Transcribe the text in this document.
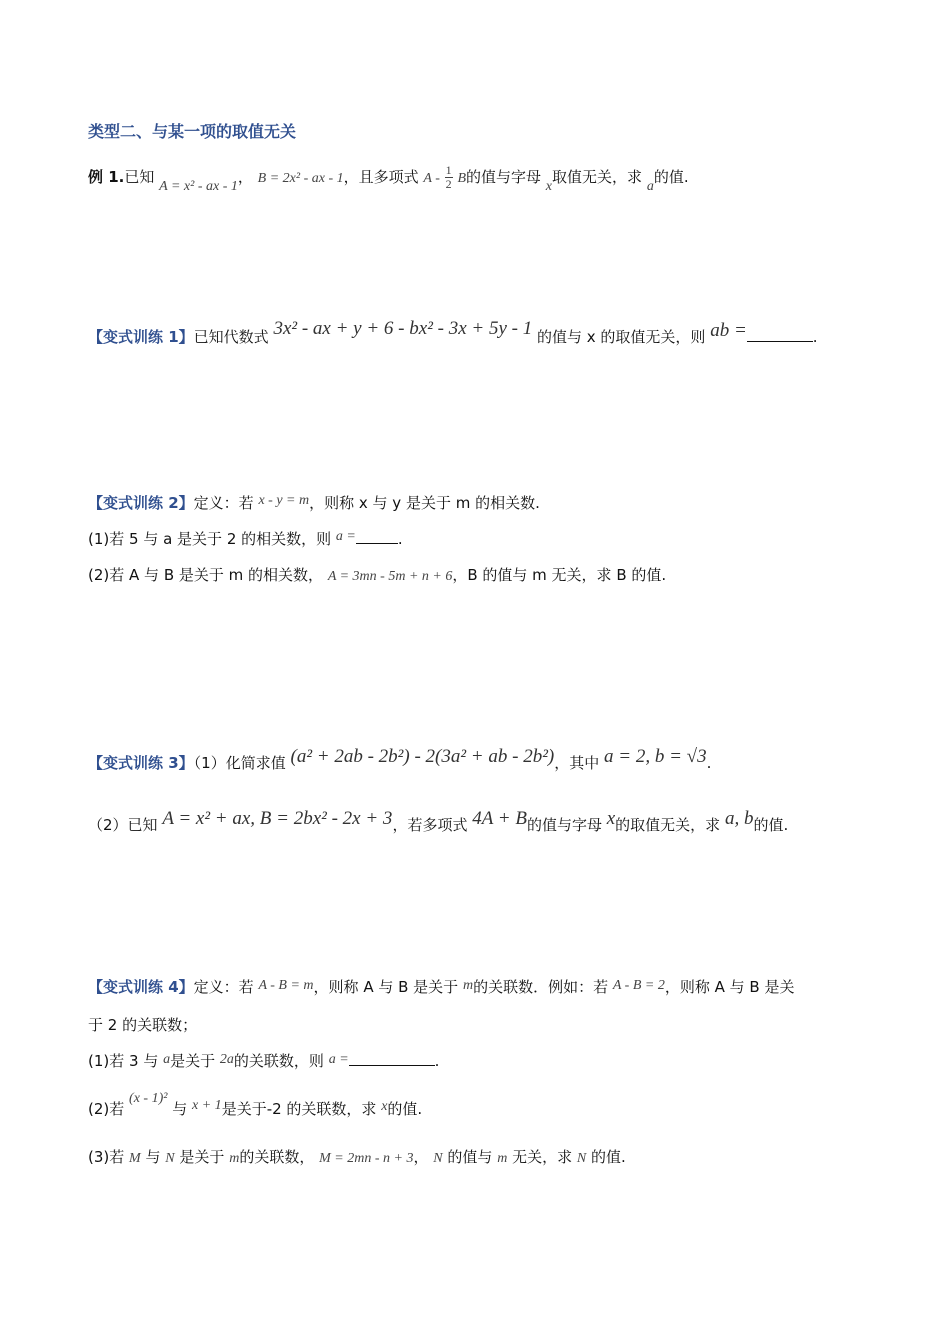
类型二、与某一项的取值无关
例 1.已知 A = x² - ax - 1， B = 2x² - ax - 1，且多项式 A - $\frac{1}{2}$ B的值与字母 x取值无关，求 a的值.
【变式训练 1】已知代数式 3x² - ax + y + 6 - bx² - 3x + 5y - 1 的值与 x 的取值无关，则 ab =	.
【变式训练 2】定义：若 x - y = m，则称 x 与 y 是关于 m 的相关数.
(1)若 5 与 a 是关于 2 的相关数，则 a =	.
(2)若 A 与 B 是关于 m 的相关数， A = 3mn - 5m + n + 6，B 的值与 m 无关，求 B 的值.
【变式训练 3】（1）化简求值 (a² + 2ab - 2b²) - 2(3a² + ab - 2b²)，其中 a = 2, b = √3.
（2）已知 A = x² + ax, B = 2bx² - 2x + 3，若多项式 4A + B的值与字母 x的取值无关，求 a, b的值.
【变式训练 4】定义：若 A - B = m，则称 A 与 B 是关于 m的关联数．例如：若 A - B = 2，则称 A 与 B 是关
于 2 的关联数；
(1)若 3 与 a是关于 2a的关联数，则 a =	.
(2)若 (x - 1)² 与 x + 1是关于-2 的关联数，求 x的值.
(3)若 M 与 N 是关于 m的关联数， M = 2mn - n + 3， N 的值与 m 无关，求 N 的值.
